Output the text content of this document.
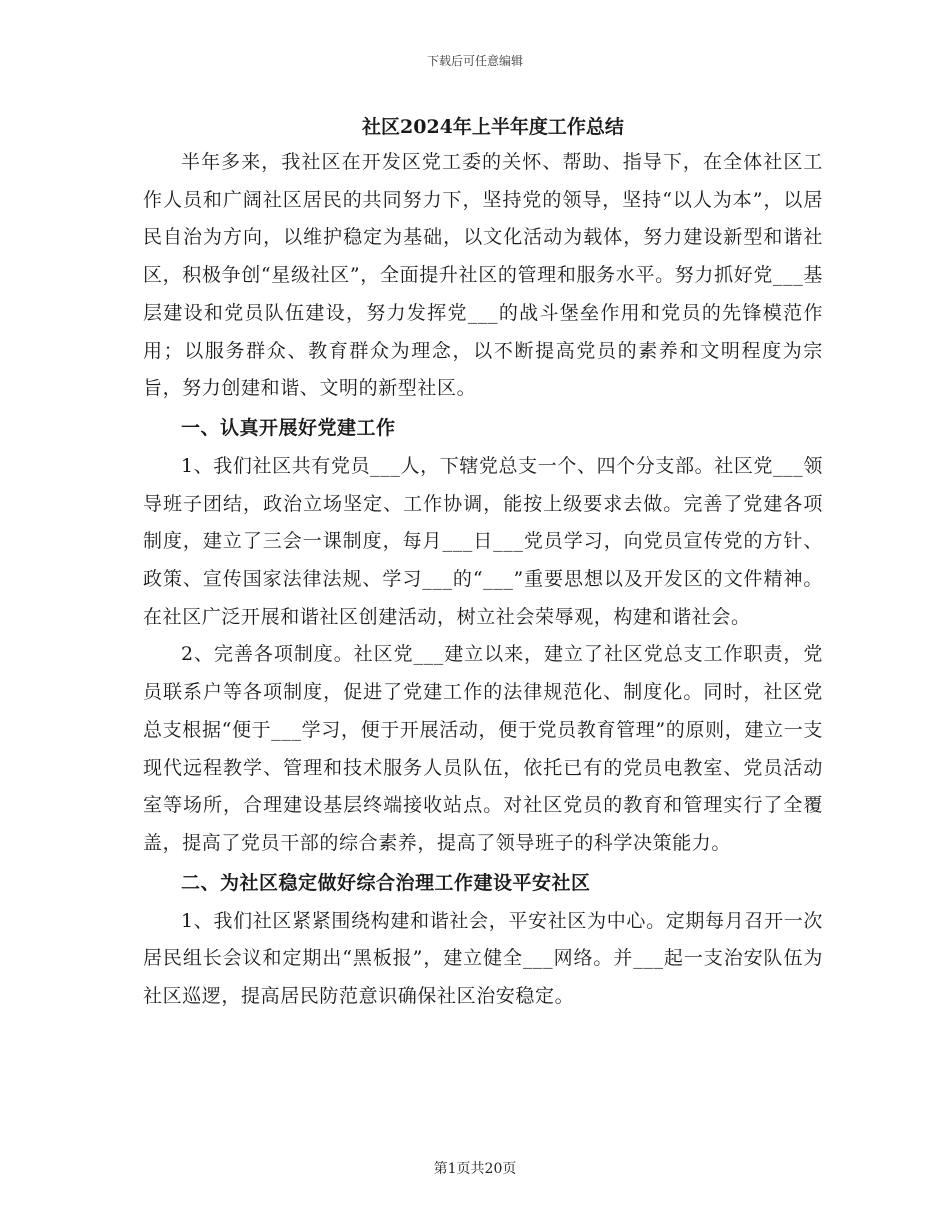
下载后可任意编辑
社区2024年上半年度工作总结

半年多来，我社区在开发区党工委的关怀、帮助、指导下，在全体社区工作人员和广阔社区居民的共同努力下，坚持党的领导，坚持“以人为本”，以居民自治为方向，以维护稳定为基础，以文化活动为载体，努力建设新型和谐社区，积极争创“星级社区”，全面提升社区的管理和服务水平。努力抓好党___基层建设和党员队伍建设，努力发挥党___的战斗堡垒作用和党员的先锋模范作用；以服务群众、教育群众为理念，以不断提高党员的素养和文明程度为宗旨，努力创建和谐、文明的新型社区。

一、认真开展好党建工作

1、我们社区共有党员___人，下辖党总支一个、四个分支部。社区党___领导班子团结，政治立场坚定、工作协调，能按上级要求去做。完善了党建各项制度，建立了三会一课制度，每月___日___党员学习，向党员宣传党的方针、政策、宣传国家法律法规、学习___的“___”重要思想以及开发区的文件精神。在社区广泛开展和谐社区创建活动，树立社会荣辱观，构建和谐社会。

2、完善各项制度。社区党___建立以来，建立了社区党总支工作职责，党员联系户等各项制度，促进了党建工作的法律规范化、制度化。同时，社区党总支根据“便于___学习，便于开展活动，便于党员教育管理”的原则，建立一支现代远程教学、管理和技术服务人员队伍，依托已有的党员电教室、党员活动室等场所，合理建设基层终端接收站点。对社区党员的教育和管理实行了全覆盖，提高了党员干部的综合素养，提高了领导班子的科学决策能力。

二、为社区稳定做好综合治理工作建设平安社区

1、我们社区紧紧围绕构建和谐社会，平安社区为中心。定期每月召开一次居民组长会议和定期出“黑板报”，建立健全___网络。并___起一支治安队伍为社区巡逻，提高居民防范意识确保社区治安稳定。

第1页共20页
